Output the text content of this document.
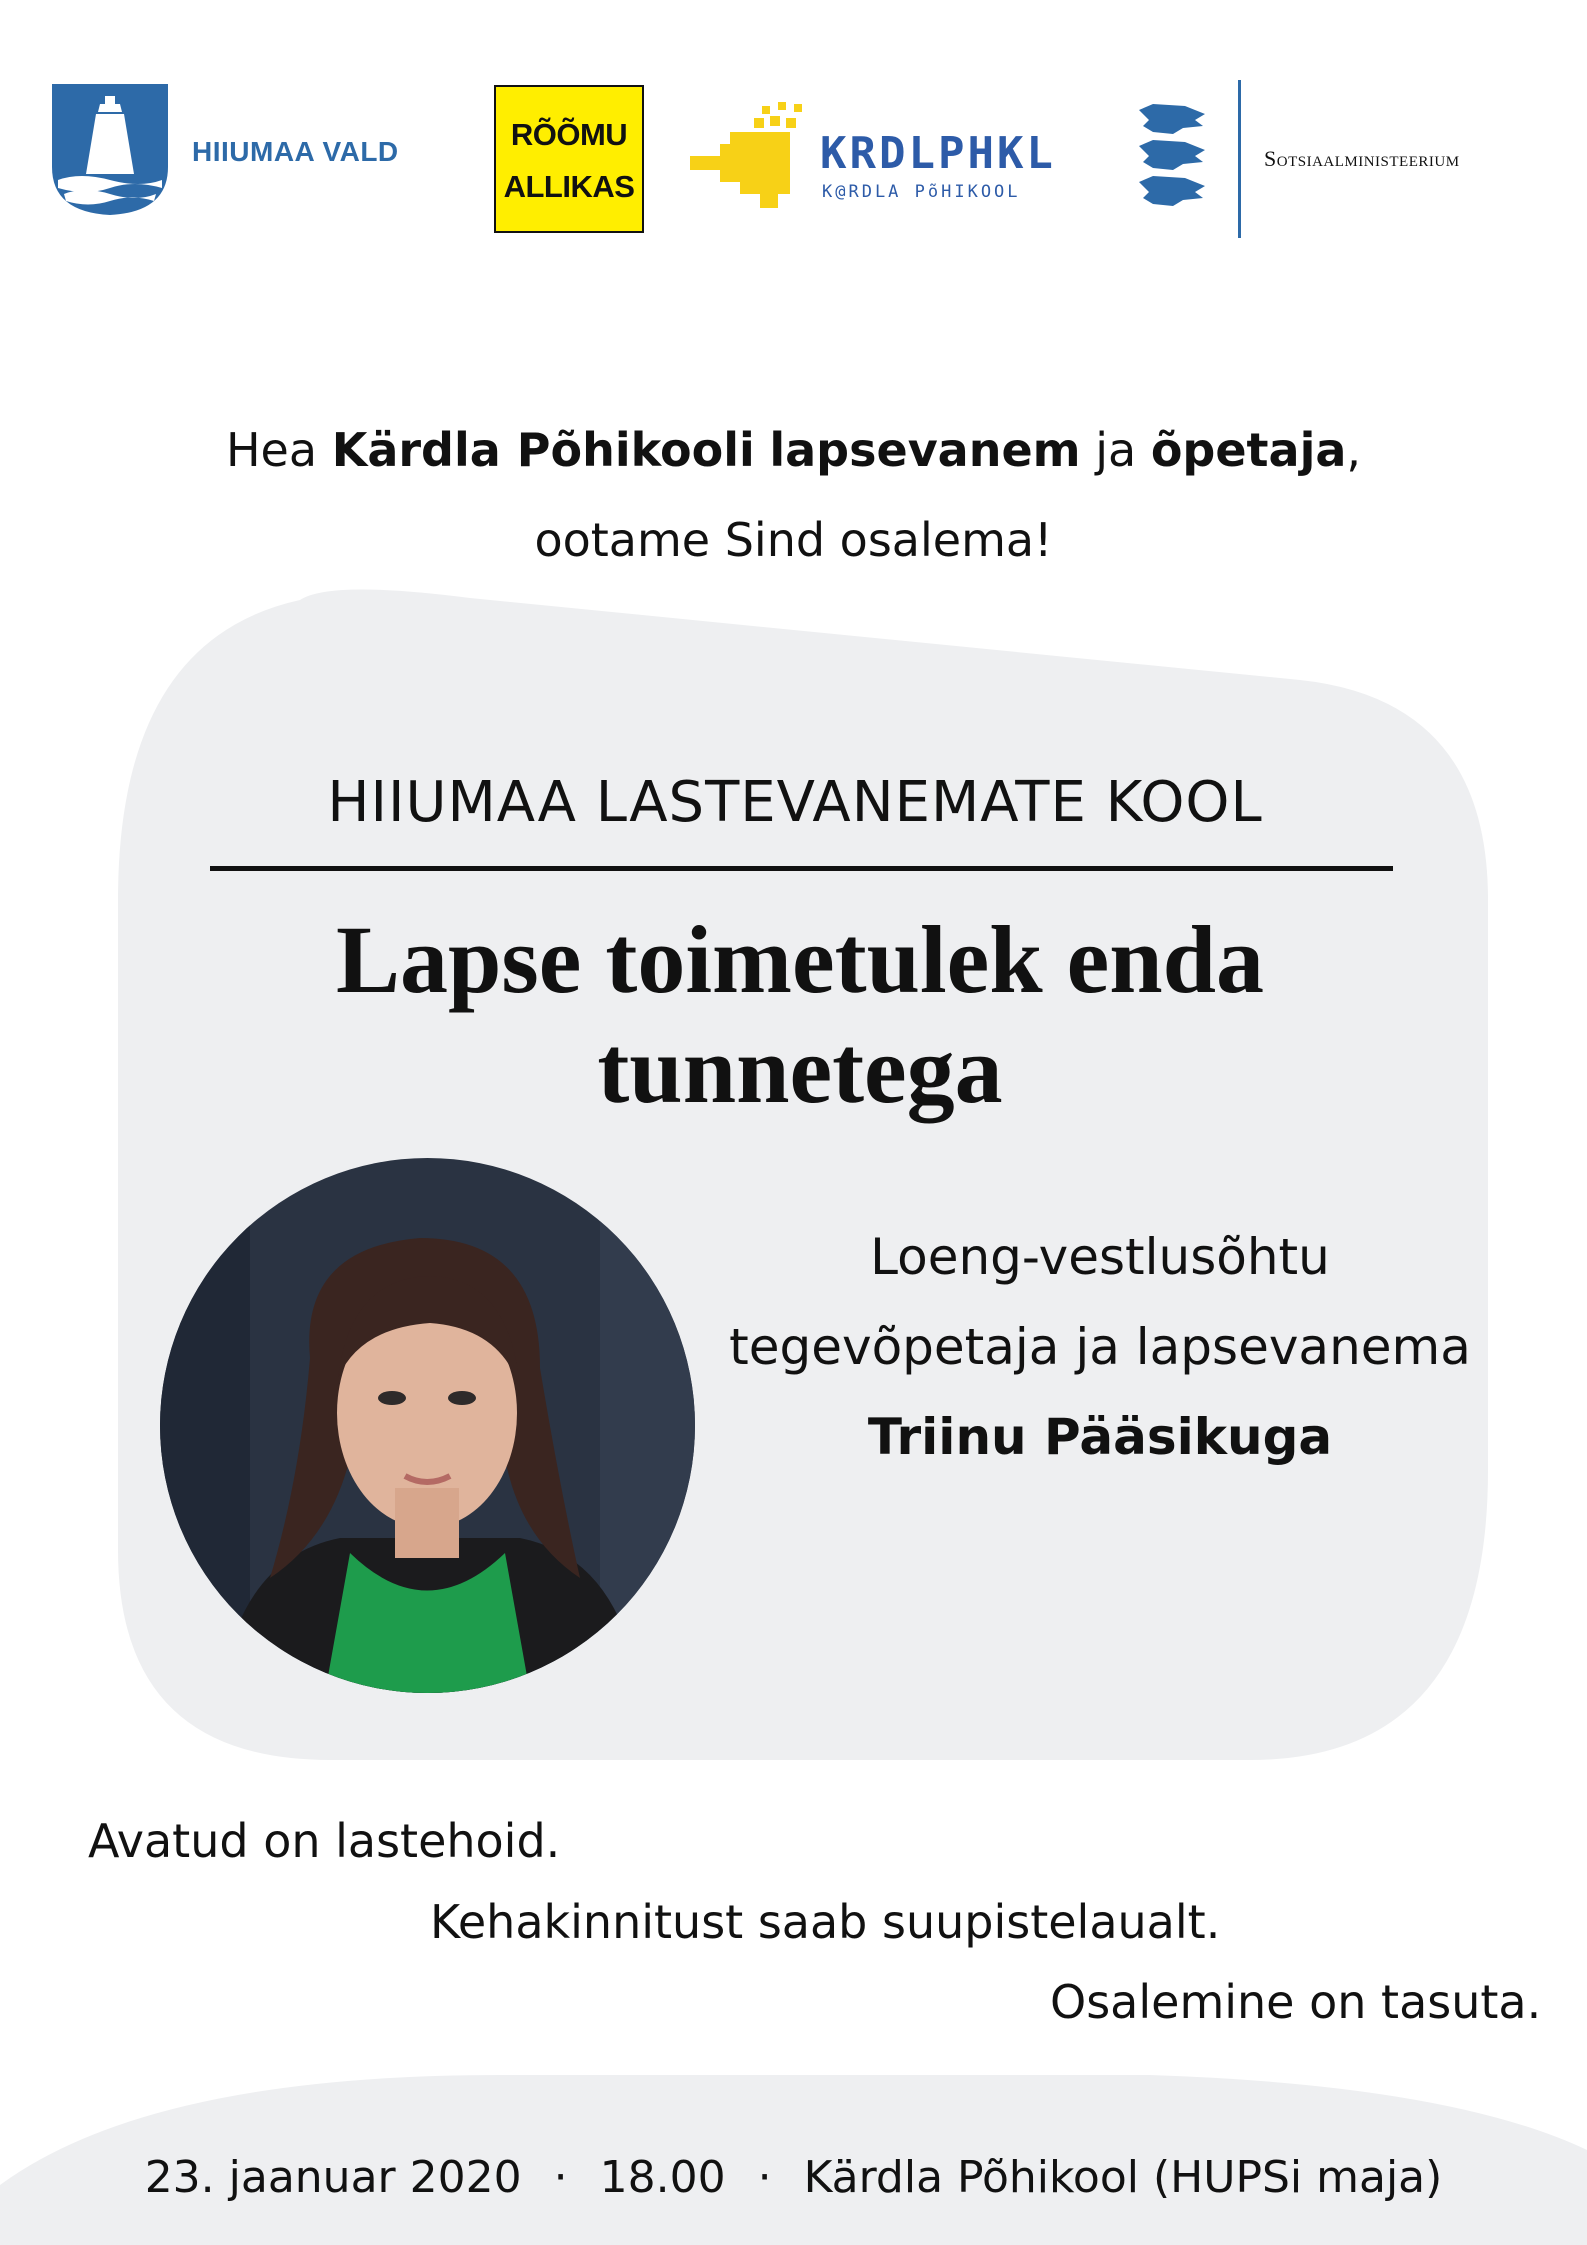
HIIUMAA VALD	RÕÕMU
ALLIKAS
KRDLPHKL
K@RDLA PõHIKOOL
Sotsiaalministeerium
Hea Kärdla Põhikooli lapsevanem ja õpetaja,
ootame Sind osalema!
HIIUMAA LASTEVANEMATE KOOL
Lapse toimetulek enda
tunnetega
Loeng-vestlusõhtu
tegevõpetaja ja lapsevanema
Triinu Pääsikuga
Avatud on lastehoid.
Kehakinnitust saab suupistelaualt.
Osalemine on tasuta.
23. jaanuar 2020 · 18.00 · Kärdla Põhikool (HUPSi maja)
